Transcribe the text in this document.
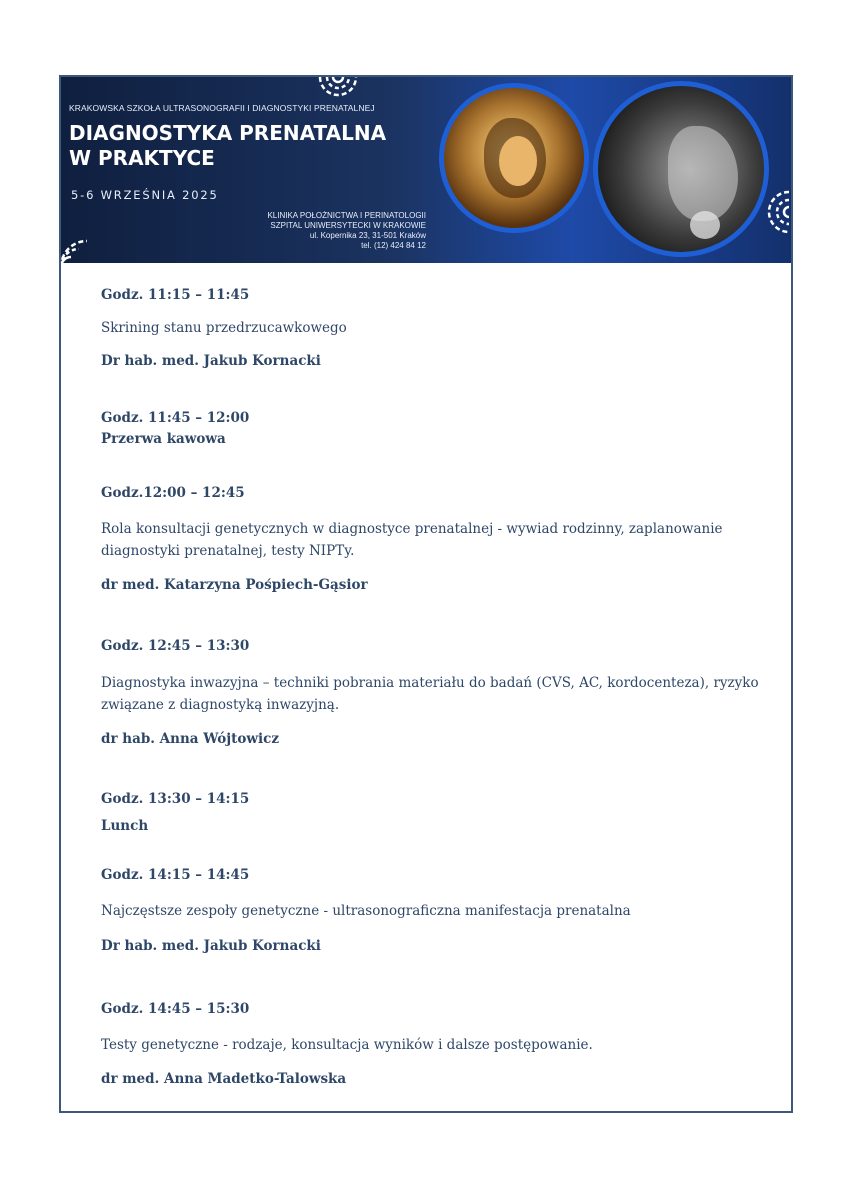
KRAKOWSKA SZKOŁA ULTRASONOGRAFII I DIAGNOSTYKI PRENATALNEJ
DIAGNOSTYKA PRENATALNA
W PRAKTYCE
5-6 WRZEŚNIA 2025
KLINIKA POŁOŻNICTWA I PERINATOLOGII
SZPITAL UNIWERSYTECKI W KRAKOWIE
ul. Kopernika 23, 31-501 Kraków
tel. (12) 424 84 12
Godz. 11:15 – 11:45
Skrining stanu przedrzucawkowego
Dr hab. med. Jakub Kornacki
Godz. 11:45 – 12:00
Przerwa kawowa
Godz.12:00 – 12:45
Rola konsultacji genetycznych w diagnostyce prenatalnej - wywiad rodzinny, zaplanowanie diagnostyki prenatalnej, testy NIPTy.
dr med. Katarzyna Pośpiech-Gąsior
Godz. 12:45 – 13:30
Diagnostyka inwazyjna – techniki pobrania materiału do badań (CVS, AC, kordocenteza), ryzyko związane z diagnostyką inwazyjną.
dr hab. Anna Wójtowicz
Godz. 13:30 – 14:15
Lunch
Godz. 14:15 – 14:45
Najczęstsze zespoły genetyczne - ultrasonograficzna manifestacja prenatalna
Dr hab. med. Jakub Kornacki
Godz. 14:45 – 15:30
Testy genetyczne - rodzaje, konsultacja wyników i dalsze postępowanie.
dr med. Anna Madetko-Talowska
